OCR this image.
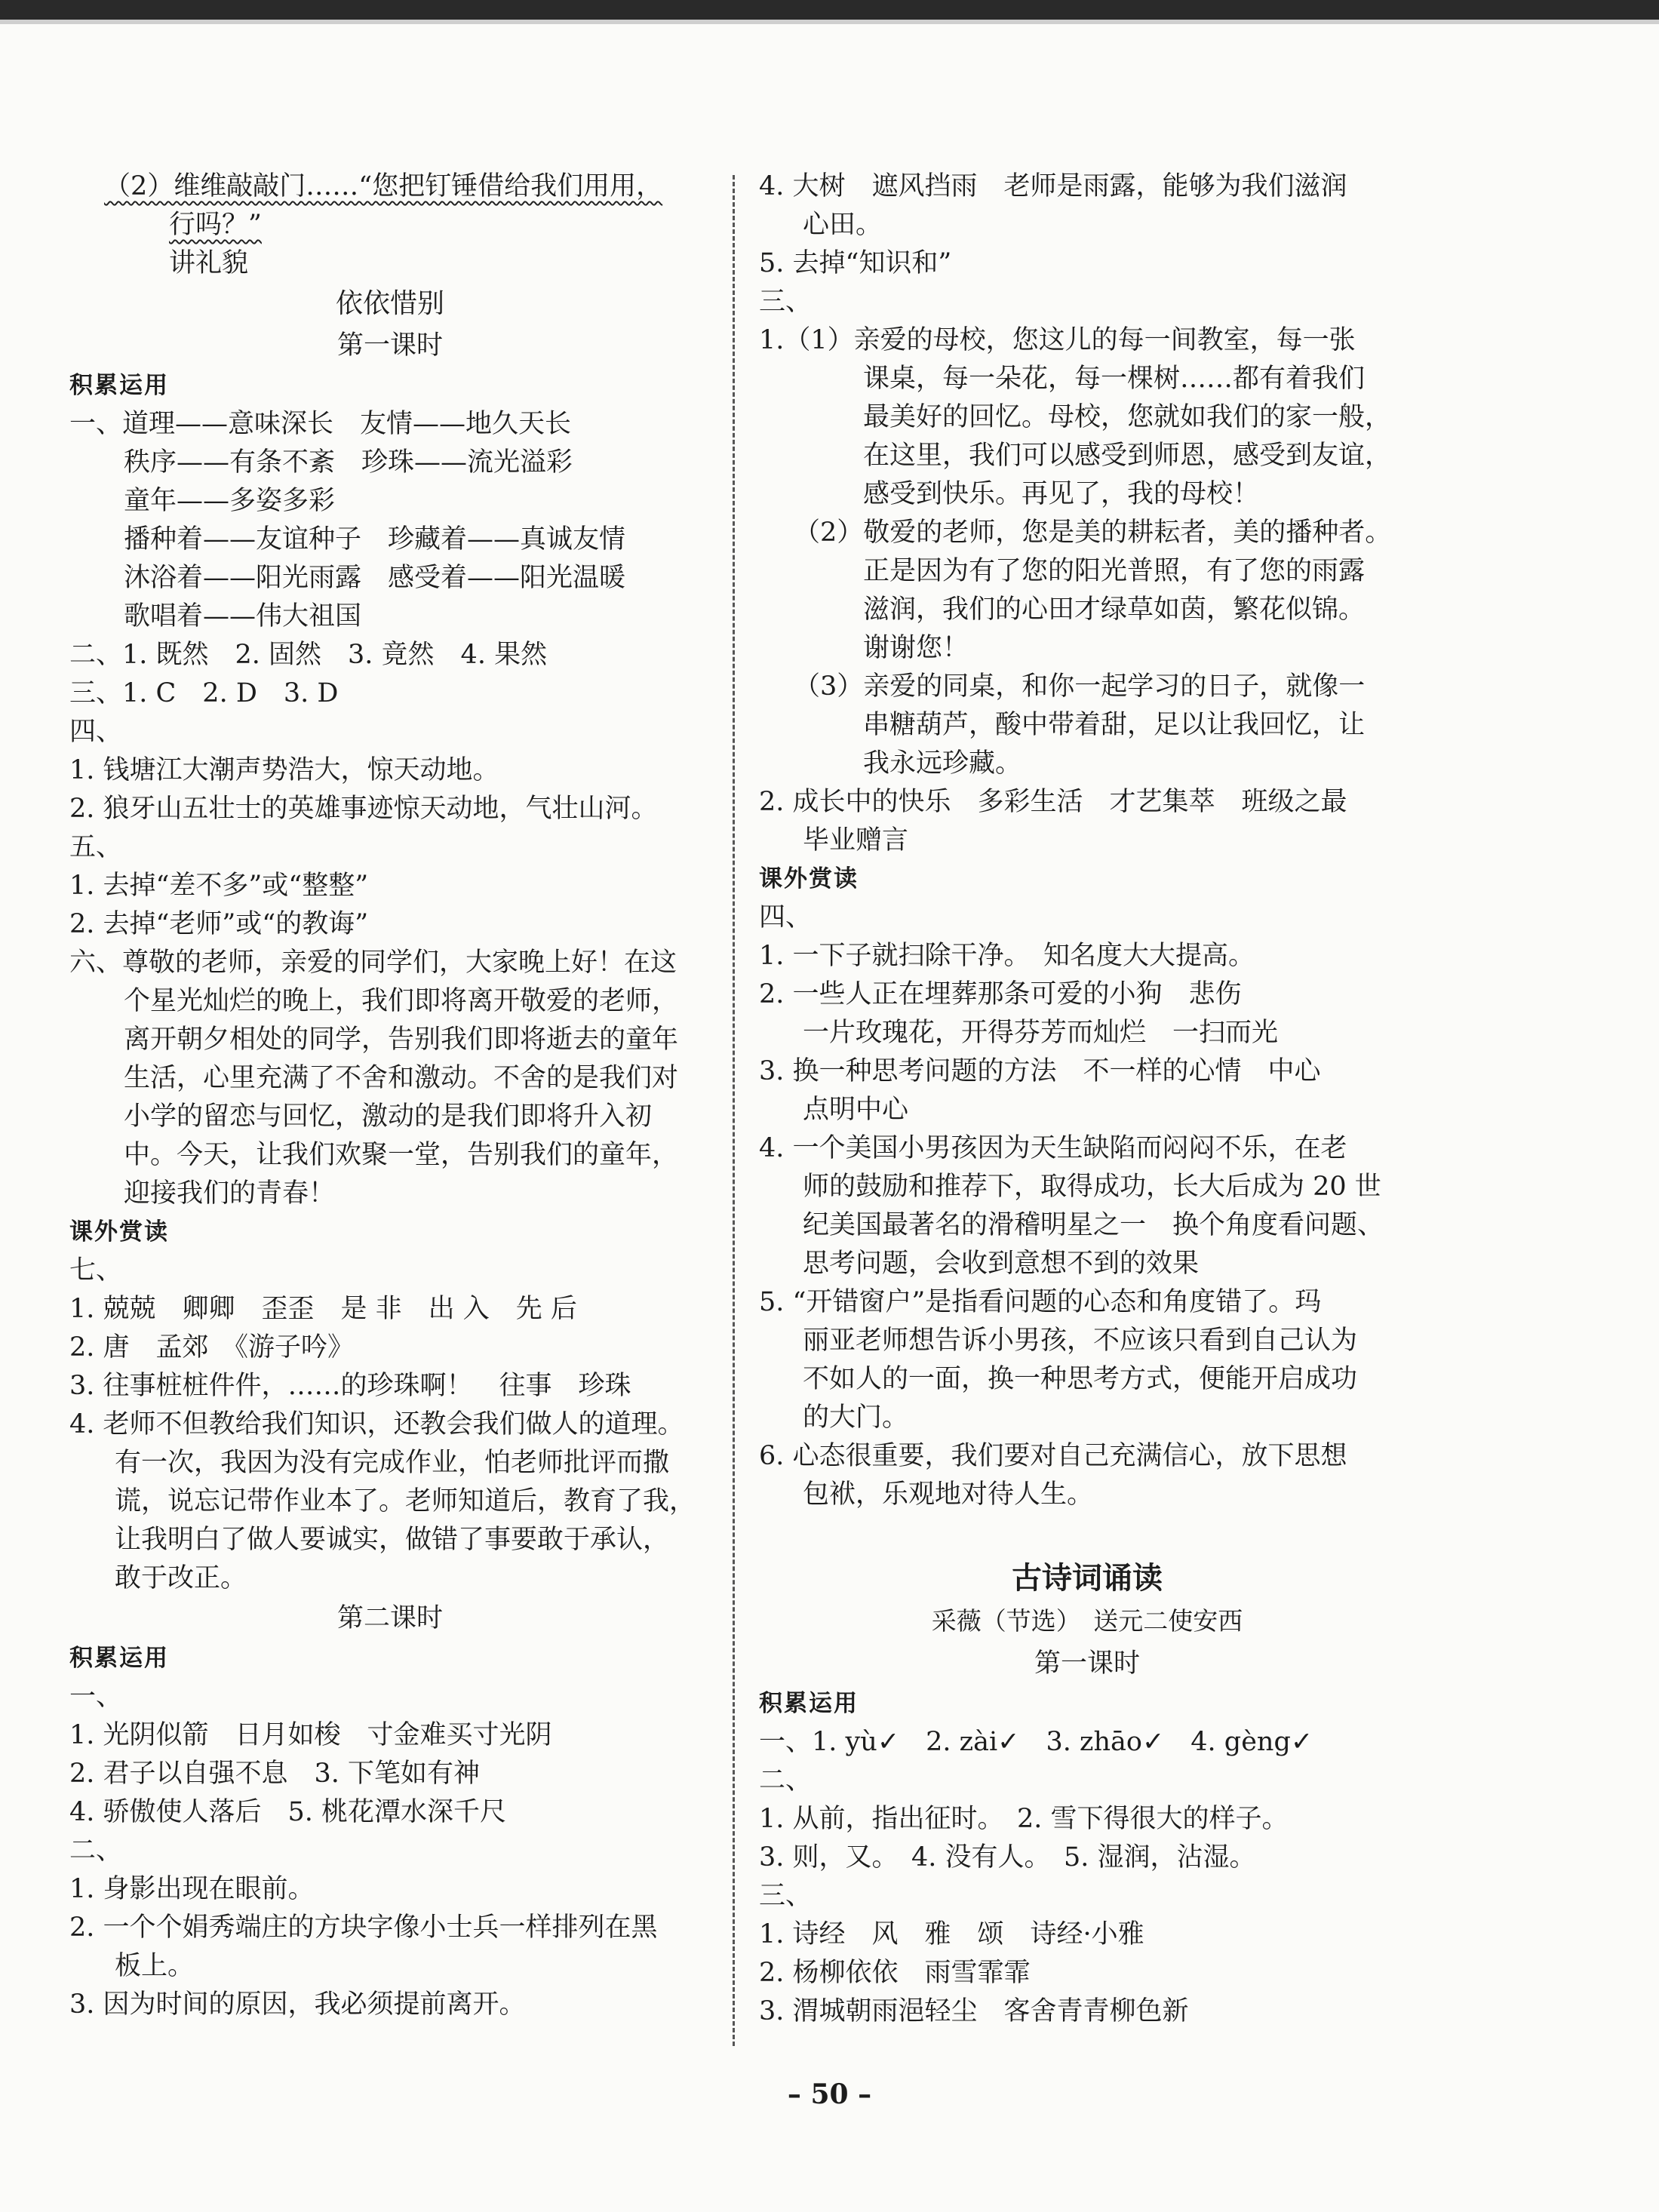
（2）维维敲敲门……“您把钉锤借给我们用用，
行吗？”
讲礼貌
依依惜别
第一课时
积累运用
一、道理——意味深长　友情——地久天长
秩序——有条不紊　珍珠——流光溢彩
童年——多姿多彩
播种着——友谊种子　珍藏着——真诚友情
沐浴着——阳光雨露　感受着——阳光温暖
歌唱着——伟大祖国
二、1. 既然　2. 固然　3. 竟然　4. 果然
三、1. C　2. D　3. D
四、
1. 钱塘江大潮声势浩大，惊天动地。
2. 狼牙山五壮士的英雄事迹惊天动地，气壮山河。
五、
1. 去掉“差不多”或“整整”
2. 去掉“老师”或“的教诲”
六、尊敬的老师，亲爱的同学们，大家晚上好！在这
个星光灿烂的晚上，我们即将离开敬爱的老师，
离开朝夕相处的同学，告别我们即将逝去的童年
生活，心里充满了不舍和激动。不舍的是我们对
小学的留恋与回忆，激动的是我们即将升入初
中。今天，让我们欢聚一堂，告别我们的童年，
迎接我们的青春！
课外赏读
七、
1. 兢兢　卿卿　歪歪　是 非　出 入　先 后
2. 唐　孟郊　《游子吟》
3. 往事桩桩件件，……的珍珠啊！　往事　珍珠
4. 老师不但教给我们知识，还教会我们做人的道理。
有一次，我因为没有完成作业，怕老师批评而撒
谎，说忘记带作业本了。老师知道后，教育了我，
让我明白了做人要诚实，做错了事要敢于承认，
敢于改正。
第二课时
积累运用
一、
1. 光阴似箭　日月如梭　寸金难买寸光阴
2. 君子以自强不息　3. 下笔如有神
4. 骄傲使人落后　5. 桃花潭水深千尺
二、
1. 身影出现在眼前。
2. 一个个娟秀端庄的方块字像小士兵一样排列在黑
板上。
3. 因为时间的原因，我必须提前离开。
4. 大树　遮风挡雨　老师是雨露，能够为我们滋润
心田。
5. 去掉“知识和”
三、
1.（1）亲爱的母校，您这儿的每一间教室，每一张
课桌，每一朵花，每一棵树……都有着我们
最美好的回忆。母校，您就如我们的家一般，
在这里，我们可以感受到师恩，感受到友谊，
感受到快乐。再见了，我的母校！
（2）敬爱的老师，您是美的耕耘者，美的播种者。
正是因为有了您的阳光普照，有了您的雨露
滋润，我们的心田才绿草如茵，繁花似锦。
谢谢您！
（3）亲爱的同桌，和你一起学习的日子，就像一
串糖葫芦，酸中带着甜，足以让我回忆，让
我永远珍藏。
2. 成长中的快乐　多彩生活　才艺集萃　班级之最
毕业赠言
课外赏读
四、
1. 一下子就扫除干净。　知名度大大提高。
2. 一些人正在埋葬那条可爱的小狗　悲伤
一片玫瑰花，开得芬芳而灿烂　一扫而光
3. 换一种思考问题的方法　不一样的心情　中心
点明中心
4. 一个美国小男孩因为天生缺陷而闷闷不乐，在老
师的鼓励和推荐下，取得成功，长大后成为 20 世
纪美国最著名的滑稽明星之一　换个角度看问题、
思考问题，会收到意想不到的效果
5. “开错窗户”是指看问题的心态和角度错了。玛
丽亚老师想告诉小男孩，不应该只看到自己认为
不如人的一面，换一种思考方式，便能开启成功
的大门。
6. 心态很重要，我们要对自己充满信心，放下思想
包袱，乐观地对待人生。
古诗词诵读
采薇（节选）　送元二使安西
第一课时
积累运用
一、1. yù✓　2. zài✓　3. zhāo✓　4. gèng✓
二、
1. 从前，指出征时。　2. 雪下得很大的样子。
3. 则，又。　4. 没有人。　5. 湿润，沾湿。
三、
1. 诗经　风　雅　颂　诗经·小雅
2. 杨柳依依　雨雪霏霏
3. 渭城朝雨浥轻尘　客舍青青柳色新
– 50 –
